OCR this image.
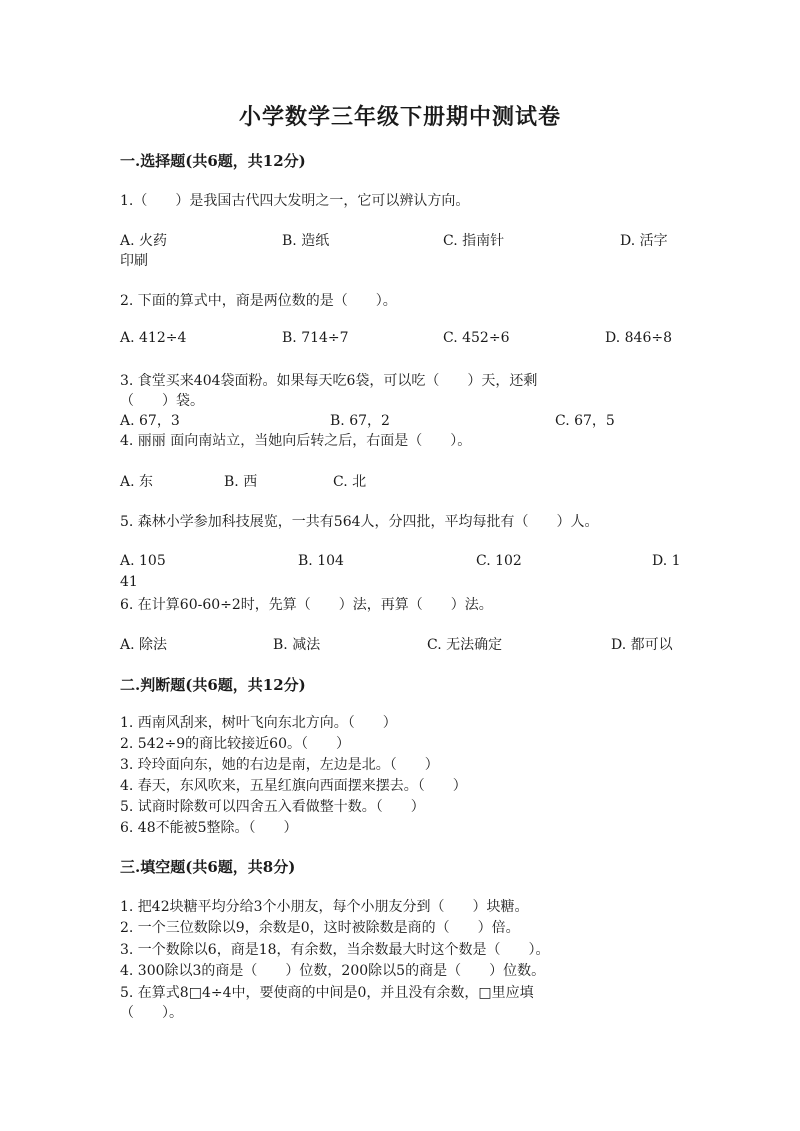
小学数学三年级下册期中测试卷
一.选择题(共6题，共12分)
1.（　　）是我国古代四大发明之一，它可以辨认方向。
A. 火药	B. 造纸	C. 指南针	D. 活字
印刷
2. 下面的算式中，商是两位数的是（　　）。
A. 412÷4	B. 714÷7	C. 452÷6	D. 846÷8
3. 食堂买来404袋面粉。如果每天吃6袋，可以吃（　　）天，还剩
（　　）袋。
A. 67，3	B. 67，2	C. 67，5
4. 丽丽 面向南站立，当她向后转之后，右面是（　　）。
A. 东	B. 西	C. 北
5. 森林小学参加科技展览，一共有564人，分四批，平均每批有（　　）人。
A. 105	B. 104	C. 102	D. 1
41
6. 在计算60-60÷2时，先算（　　）法，再算（　　）法。
A. 除法	B. 减法	C. 无法确定	D. 都可以
二.判断题(共6题，共12分)
1. 西南风刮来，树叶飞向东北方向。（　　）
2. 542÷9的商比较接近60。（　　）
3. 玲玲面向东，她的右边是南，左边是北。（　　）
4. 春天，东风吹来，五星红旗向西面摆来摆去。（　　）
5. 试商时除数可以四舍五入看做整十数。（　　）
6. 48不能被5整除。（　　）
三.填空题(共6题，共8分)
1. 把42块糖平均分给3个小朋友，每个小朋友分到（　　）块糖。
2. 一个三位数除以9，余数是0，这时被除数是商的（　　）倍。
3. 一个数除以6，商是18，有余数，当余数最大时这个数是（　　）。
4. 300除以3的商是（　　）位数，200除以5的商是（　　）位数。
5. 在算式8□4÷4中，要使商的中间是0，并且没有余数，□里应填
（　　）。
